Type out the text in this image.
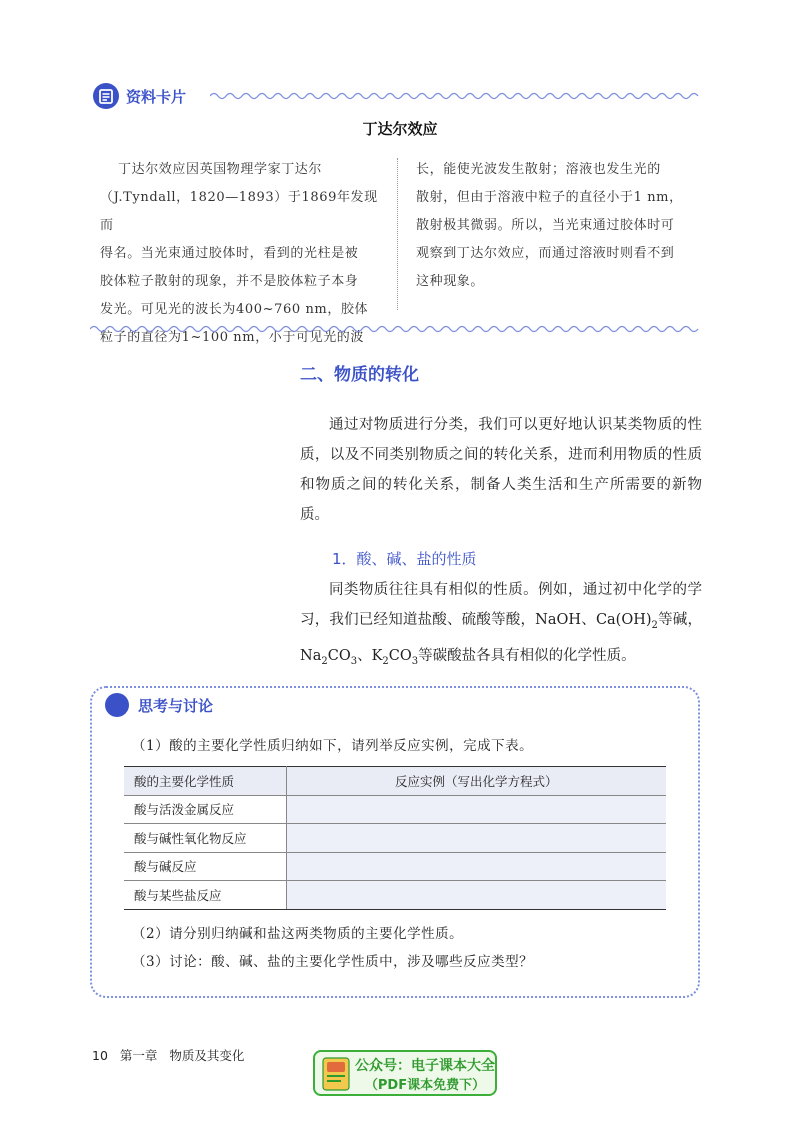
资料卡片
丁达尔效应
丁达尔效应因英国物理学家丁达尔
（J.Tyndall，1820—1893）于1869年发现而
得名。当光束通过胶体时，看到的光柱是被
胶体粒子散射的现象，并不是胶体粒子本身
发光。可见光的波长为400~760 nm，胶体
粒子的直径为1~100 nm，小于可见光的波
长，能使光波发生散射；溶液也发生光的
散射，但由于溶液中粒子的直径小于1 nm，
散射极其微弱。所以，当光束通过胶体时可
观察到丁达尔效应，而通过溶液时则看不到
这种现象。
二、物质的转化

通过对物质进行分类，我们可以更好地认识某类物质的性质，以及不同类别物质之间的转化关系，进而利用物质的性质和物质之间的转化关系，制备人类生活和生产所需要的新物质。

1．酸、碱、盐的性质

同类物质往往具有相似的性质。例如，通过初中化学的学习，我们已经知道盐酸、硫酸等酸，NaOH、$Ca(OH)_2$等碱，$Na_2CO_3$、$K_2CO_3$等碳酸盐各具有相似的化学性质。

思考与讨论
（1）酸的主要化学性质归纳如下，请列举反应实例，完成下表。
酸的主要化学性质	反应实例（写出化学方程式）
酸与活泼金属反应	
酸与碱性氧化物反应	
酸与碱反应	
酸与某些盐反应	
（2）请分别归纳碱和盐这两类物质的主要化学性质。
（3）讨论：酸、碱、盐的主要化学性质中，涉及哪些反应类型？
10 第一章 物质及其变化
公众号：电子课本大全
（PDF课本免费下）
